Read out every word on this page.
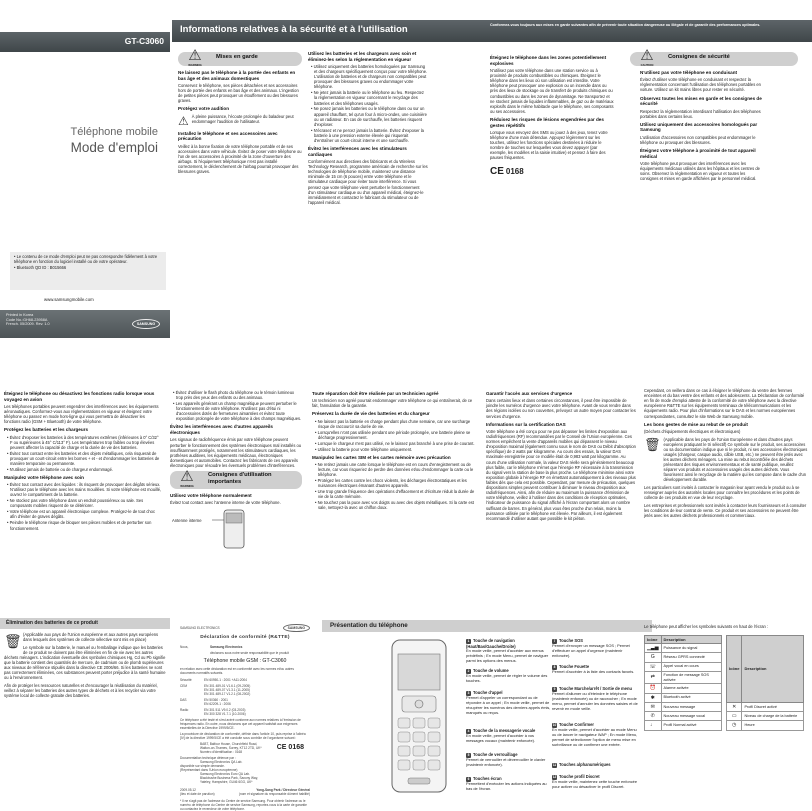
GT-C3060
Téléphone mobile
Mode d'emploi
• Le contenu de ce mode d'emploi peut ne pas correspondre fidèlement à votre téléphone en fonction du logiciel installé ou de votre opérateur.
• Bluetooth QD ID : B015666
www.samsungmobile.com
Printed in Korea
Code No.:GH68-23958A
French. 05/2009. Rev. 1.0	SAMSUNG
Informations relatives à la sécurité et à l'utilisation	Conformez-vous toujours aux mises en garde suivantes afin de prévenir toute situation dangereuse ou illégale et de garantir des performances optimales.
⚠
WARNING
Mises en garde
Ne laissez pas le téléphone à la portée des enfants en bas âge et des animaux domestiques

Conservez le téléphone, ses pièces détachées et ses accessoires hors de portée des enfants en bas âge et des animaux. L'ingestion de petites pièces peut provoquer un étouffement ou des blessures graves.

Protégez votre audition
⚠ À pleine puissance, l'écoute prolongée du baladeur peut endommager l'audition de l'utilisateur.

Installez le téléphone et ses accessoires avec précaution

Veillez à la bonne fixation de votre téléphone portable et de ses accessoires dans votre véhicule. Évitez de poser votre téléphone ou l'un de ses accessoires à proximité de la zone d'ouverture des airbags. Si l'équipement téléphonique n'est pas installé correctement, le déclenchement de l'airbag pourrait provoquer des blessures graves.

Utilisez les batteries et les chargeurs avec soin et éliminez-les selon la réglementation en vigueur
• Utilisez uniquement des batteries homologuées par Samsung et des chargeurs spécifiquement conçus pour votre téléphone. L'utilisation de batteries et de chargeurs non compatibles peut provoquer des blessures graves ou endommager votre téléphone.
• Ne jetez jamais la batterie ou le téléphone au feu. Respectez la réglementation en vigueur concernant le recyclage des batteries et des téléphones usagés.
• Ne posez jamais les batteries ou le téléphone dans ou sur un appareil chauffant, tel qu'un four à micro-ondes, une cuisinière ou un radiateur. En cas de surchauffe, les batteries risquent d'exploser.
• N'écrasez et ne percez jamais la batterie. Évitez d'exposer la batterie à une pression externe élevée qui risquerait d'entraîner un court-circuit interne et une surchauffe.
Évitez les interférences avec les stimulateurs cardiaques

Conformément aux directives des fabricants et du Wireless Technology Research, programme américain de recherche sur les technologies de téléphonie mobile, maintenez une distance minimale de 15 cm (6 pouces) entre votre téléphone et le stimulateur cardiaque pour éviter toute interférence. Si vous pensez que votre téléphone vient perturber le fonctionnement d'un stimulateur cardiaque ou d'un appareil médical, éteignez-le immédiatement et contactez le fabricant du stimulateur ou de l'appareil médical.

Éteignez le téléphone dans les zones potentiellement explosives

N'utilisez pas votre téléphone dans une station service ou à proximité de produits combustibles ou chimiques. Éteignez le téléphone dans les lieux où son utilisation est interdite. Votre téléphone peut provoquer une explosion ou un incendie dans ou près des lieux de stockage ou de transfert de produits chimiques ou combustibles ou dans les zones de dynamitage. Ne transportez et ne stockez jamais de liquides inflammables, de gaz ou de matériaux explosifs dans le même habitacle que le téléphone, ses composants ou ses accessoires.

Réduisez les risques de lésions engendrées par des gestes répétitifs

Lorsque vous envoyez des SMS ou jouez à des jeux, tenez votre téléphone d'une main détendue. Appuyez légèrement sur les touches, utilisez les fonctions spéciales destinées à réduire le nombre de touches sur lesquelles vous devez appuyer (par exemple, les modèles et la saisie intuitive) et pensez à faire des pauses fréquentes.

CE 0168
⚠
CAUTION
Consignes de sécurité
N'utilisez pas votre téléphone en conduisant

Évitez d'utiliser votre téléphone en conduisant et respectez la réglementation concernant l'utilisation des téléphones portables en voiture. Utilisez un kit mains libres pour rester en sécurité.

Observez toutes les mises en garde et les consignes de sécurité

Respectez la réglementation interdisant l'utilisation des téléphones portables dans certains lieux.

Utilisez uniquement des accessoires homologués par Samsung

L'utilisation d'accessoires non compatibles peut endommager le téléphone ou provoquer des blessures.

Éteignez votre téléphone à proximité de tout appareil médical

Votre téléphone peut provoquer des interférences avec les équipements médicaux utilisés dans les hôpitaux et les centres de soins. Observez la réglementation en vigueur et toutes les consignes et mises en garde affichées par le personnel médical.

Éteignez le téléphone ou désactivez les fonctions radio lorsque vous voyagez en avion

Les téléphones portables peuvent engendrer des interférences avec les équipements aéronautiques. Conformez-vous aux réglementations en vigueur et éteignez votre téléphone ou passez en mode hors-ligne qui vous permettra de désactiver les fonctions radio (GSM + Bluetooth) de votre téléphone.

Protégez les batteries et les chargeurs
• Évitez d'exposer les batteries à des températures extrêmes (inférieures à 0° C/32° F ou supérieures à 45° C/113° F). Les températures trop faibles ou trop élevées peuvent affecter la capacité de charge et la durée de vie des batteries.
• Évitez tout contact entre les batteries et des objets métalliques, cela risquerait de provoquer un court-circuit entre les bornes + et - et d'endommager les batteries de manière temporaire ou permanente.
• N'utilisez jamais de batterie ou de chargeur endommagé.
Manipulez votre téléphone avec soin
• Évitez tout contact avec des liquides : ils risquent de provoquer des dégâts sérieux. N'utilisez pas le téléphone avec les mains mouillées. Si votre téléphone est mouillé, ouvrez le compartiment de la batterie.
• Ne stockez pas votre téléphone dans un endroit poussiéreux ou sale. Ses composants mobiles risquent de se détériorer.
• Votre téléphone est un appareil électronique complexe. Protégez-le de tout choc afin d'éviter de graves dégâts.
• Peindre le téléphone risque de bloquer ses pièces mobiles et de perturber son fonctionnement.
• Évitez d'utiliser le flash photo du téléphone ou le témoin lumineux trop près des yeux des enfants ou des animaux.
• Les appareils générant un champ magnétique peuvent perturber le fonctionnement de votre téléphone. N'utilisez pas d'étui ni d'accessoires dotés de fermetures aimantées et évitez toute exposition prolongée de votre téléphone à des champs magnétiques.
Évitez les interférences avec d'autres appareils électroniques

Les signaux de radiofréquence émis par votre téléphone peuvent perturber le fonctionnement des systèmes électroniques mal installés ou insuffisamment protégés, notamment les stimulateurs cardiaques, les prothèses auditives, les équipements médicaux, électroniques domestiques et automobiles. Contactez les fabricants de ces appareils électroniques pour résoudre les éventuels problèmes d'interférences.

⚠
WARNING
Consignes d'utilisation importantes
Utilisez votre téléphone normalement

Évitez tout contact avec l'antenne interne de votre téléphone.

Antenne interne
Toute réparation doit être réalisée par un technicien agréé

Un technicien non agréé pourrait endommager votre téléphone ce qui entraînerait, de ce fait, l'annulation de la garantie.

Préservez la durée de vie des batteries et du chargeur
• Ne laissez pas la batterie en charge pendant plus d'une semaine, car une surcharge risque de raccourcir sa durée de vie.
• Lorsqu'elles n'ont pas utilisée pendant une période prolongée, une batterie pleine se décharge progressivement.
• Lorsque le chargeur n'est pas utilisé, ne le laissez pas branché à une prise de courant.
• Utilisez la batterie pour votre téléphone uniquement.
Manipulez les cartes SIM et les cartes mémoire avec précaution
• Ne retirez jamais une carte lorsque le téléphone est en cours d'enregistrement ou de lecture, car vous risqueriez de perdre des données et/ou d'endommager la carte ou le téléphone.
• Protégez les cartes contre les chocs violents, les décharges électrostatiques et les nuisances électriques émanant d'autres appareils.
• Une trop grande fréquence des opérations d'effacement et d'écriture réduit la durée de vie de la carte mémoire.
• Ne touchez pas la puce avec vos doigts ou avec des objets métalliques. Si la carte est sale, nettoyez-la avec un chiffon doux.
Garantir l'accès aux services d'urgence

Dans certains lieux et dans certaines circonstances, il peut être impossible de joindre les numéros d'urgence avec votre téléphone. Avant de vous rendre dans des régions isolées ou non couvertes, prévoyez un autre moyen pour contacter les services d'urgence.

Informations sur la certification DAS

Votre téléphone a été conçu pour ne pas dépasser les limites d'exposition aux radiofréquences (RF) recommandées par le Conseil de l'Union européenne. Ces normes empêchent la vente d'appareils mobiles qui dépassent le niveau d'exposition maximal (également connu sous le nom de DAS ou Débit d'absorption spécifique) de 2 watts par kilogramme. Au cours des essais, la valeur DAS maximale enregistrée pour ce modèle était de 0,983 watt par kilogramme. Au cours d'une utilisation normale, la valeur DAS réelle sera généralement beaucoup plus faible, car le téléphone n'émet que l'énergie RF nécessaire à la transmission du signal vers la station de base la plus proche. Le téléphone minimise ainsi votre exposition globale à l'énergie RF en émettant automatiquement à des niveaux plus faibles dès que cela est possible. Cependant, par mesure de précaution, quelques dispositions simples peuvent contribuer à diminuer le niveau d'exposition aux radiofréquences. Ainsi, afin de réduire au maximum la puissance d'émission de votre téléphone, veillez à l'utiliser dans des conditions de réception optimales, l'indicateur de puissance du signal affiché à l'écran comportant alors un nombre suffisant de barres. En général, plus vous êtes proche d'un relais, moins la puissance utilisée par le téléphone est élevée. Par ailleurs, il est également recommandé d'utiliser autant que possible le kit piéton.

Cependant, on veillera dans ce cas à éloigner le téléphone du ventre des femmes enceintes et du bas ventre des enfants et des adolescents. La Déclaration de conformité en fin de mode d'emploi atteste de la conformité de votre téléphone avec la directive européenne R&TTE sur les équipements terminaux de télécommunications et les équipements radio. Pour plus d'informations sur le DAS et les normes européennes correspondantes, consultez le site Web de Samsung mobile.

Les bons gestes de mise au rebut de ce produit

(Déchets d'équipements électriques et électroniques)

🗑 (Applicable dans les pays de l'Union Européenne et dans d'autres pays européens pratiquant le tri sélectif) Ce symbole sur le produit, ses accessoires ou sa documentation indique que ni le produit, ni ses accessoires électroniques usagés (chargeur, casque audio, câble USB, etc.) ne peuvent être jetés avec les autres déchets ménagers. La mise au rebut incontrôlée des déchets présentant des risques environnementaux et de santé publique, veuillez séparer vos produits et accessoires usagés des autres déchets. Vous favoriserez ainsi le recyclage de la matière qui les compose dans le cadre d'un développement durable.

Les particuliers sont invités à contacter le magasin leur ayant vendu le produit ou à se renseigner auprès des autorités locales pour connaître les procédures et les points de collecte de ces produits en vue de leur recyclage.

Les entreprises et professionnels sont invités à contacter leurs fournisseurs et à consulter les conditions de leur contrat de vente. Ce produit et ses accessoires ne peuvent être jetés avec les autres déchets professionnels et commerciaux.

Élimination des batteries de ce produit
🗑 (Applicable aux pays de l'Union européenne et aux autres pays européens dans lesquels des systèmes de collecte sélective sont mis en place)

Le symbole sur la batterie, le manuel ou l'emballage indique que les batteries de ce produit ne doivent pas être éliminées en fin de vie avec les autres déchets ménagers. L'indication éventuelle des symboles chimiques Hg, Cd ou Pb signifie que la batterie contient des quantités de mercure, de cadmium ou de plomb supérieures aux niveaux de référence stipulés dans la directive CE 2006/66. Si les batteries ne sont pas correctement éliminées, ces substances peuvent porter préjudice à la santé humaine ou à l'environnement.

Afin de protéger les ressources naturelles et d'encourager la réutilisation du matériel, veillez à séparer les batteries des autres types de déchets et à les recycler via votre système local de collecte gratuite des batteries.

SAMSUNG ELECTRONICS	SAMSUNG
Déclaration de conformité (R&TTE)
Nous,	Samsung Electronics
déclarons sous notre seule responsabilité que le produit
Téléphone mobile GSM : GT-C3060

en relation avec cette déclaration est en conformité avec les normes et/ou autres documents normatifs suivants.

Sécurité	EN 60950-1 : 2001 +A11:2004
CEM	EN 301 489-01 V1.6.1 (09-2005)
EN 301 489-07 V1.3.1 (11-2005)
EN 301 489-17 V1.2.1 (08-2002)
DAS	EN 50360 : 2001
EN 62209-1 : 2006
Radio	EN 301 511 V9.0.2 (03-2003)
EN 300 328 V1.7.1 (10-2006)

Ce téléphone a été testé et s'est avéré conforme aux normes relatives à l'émission de fréquences radio. En outre, nous déclarons que cet appareil satisfait aux exigences essentielles de la Directive 1999/5/CE.

La procédure de déclaration de conformité, définie dans l'article 10, puis reprise à l'alinéa [IV] de la directive 1999/5/CE a été conduite sous contrôle de l'organisme suivant :

BABT, Balfour House, Churchfield Road,
Walton-on-Thames, Surrey, KT12 2TD, UK*
Numéro d'identification : 0168
CE 0168

Documentation technique détenue par :

Samsung Electronics QA Lab.

disponible sur simple demande.

(Représentant dans l'Union européenne)

Samsung Electronics Euro QA Lab.
Blackbushe Business Park, Saxony Way,
Yateley, Hampshire, GU46 6GG, UK*
2009.05.12	Yong-Sang Park / Directeur Général
(lieu et date de parution)	(nom et signature du responsable dûment habilité)

* Il ne s'agit pas de l'adresse du Centre de service Samsung. Pour obtenir l'adresse ou le numéro de téléphone du Centre de service Samsung, reportez-vous à la carte de garantie ou contactez le revendeur de votre téléphone.

Présentation du téléphone
1 Touche de navigation (Haut/Bas/Gauche/Droite)
En mode veille, permet d'accéder aux menus prédéfinis ; En mode Menu, permet de naviguer parmi les options des menus.
2 Touche de volume
En mode veille, permet de régler le volume des touches.
3 Touche d'appel
Permet d'appeler un correspondant ou de répondre à un appel ; En mode veille, permet de récupérer les numéros des derniers appels émis, manqués ou reçus.
4 Touche de la messagerie vocale
En mode veille, permet d'accéder à vos messages vocaux (maintenir enfoncée).
5 Touche de verrouillage
Permet de verrouiller et déverrouiller le clavier (maintenir enfoncée).
6 Touches écran
Permettent d'exécuter les actions indiquées au bas de l'écran.
7 Touche SOS
Permet d'envoyer un message SOS ; Permet d'effectuer un appel d'urgence (maintenir enfoncée).
8 Touche Fouette
Permet d'accéder à la liste des contacts favoris.
9 Touche Marche/arrêt / Sortie de menu
Permet d'allumer ou d'éteindre le téléphone (maintenir enfoncée) ou de raccrocher ; En mode menu, permet d'annuler les données saisies et de revenir en mode veille.
10 Touche Confirmer
En mode veille, permet d'accéder au mode Menu ou de lancer le navigateur WAP ; En mode Menu, permet de sélectionner l'option de menu mise en surbrillance ou de confirmer une entrée.
11 Touches alphanumériques
12 Touche profil Discret
En mode veille, maintenez cette touche enfoncée pour activer ou désactiver le profil Discret.

Le téléphone peut afficher les symboles suivants en haut de l'écran :

Icône	Description
▁▃▅	Puissance du signal
G	Réseau GPRS connecté
☏	Appel vocal en cours
⇄	Fonction de message SOS activée
⏰	Alarme activée
✱	Bluetooth activé
✉	Nouveau message
✆	Nouveau message vocal
♩	Profil Normal activé
Icône	Description
✕	Profil Discret activé
▭	Niveau de charge de la batterie
◷	Heure
